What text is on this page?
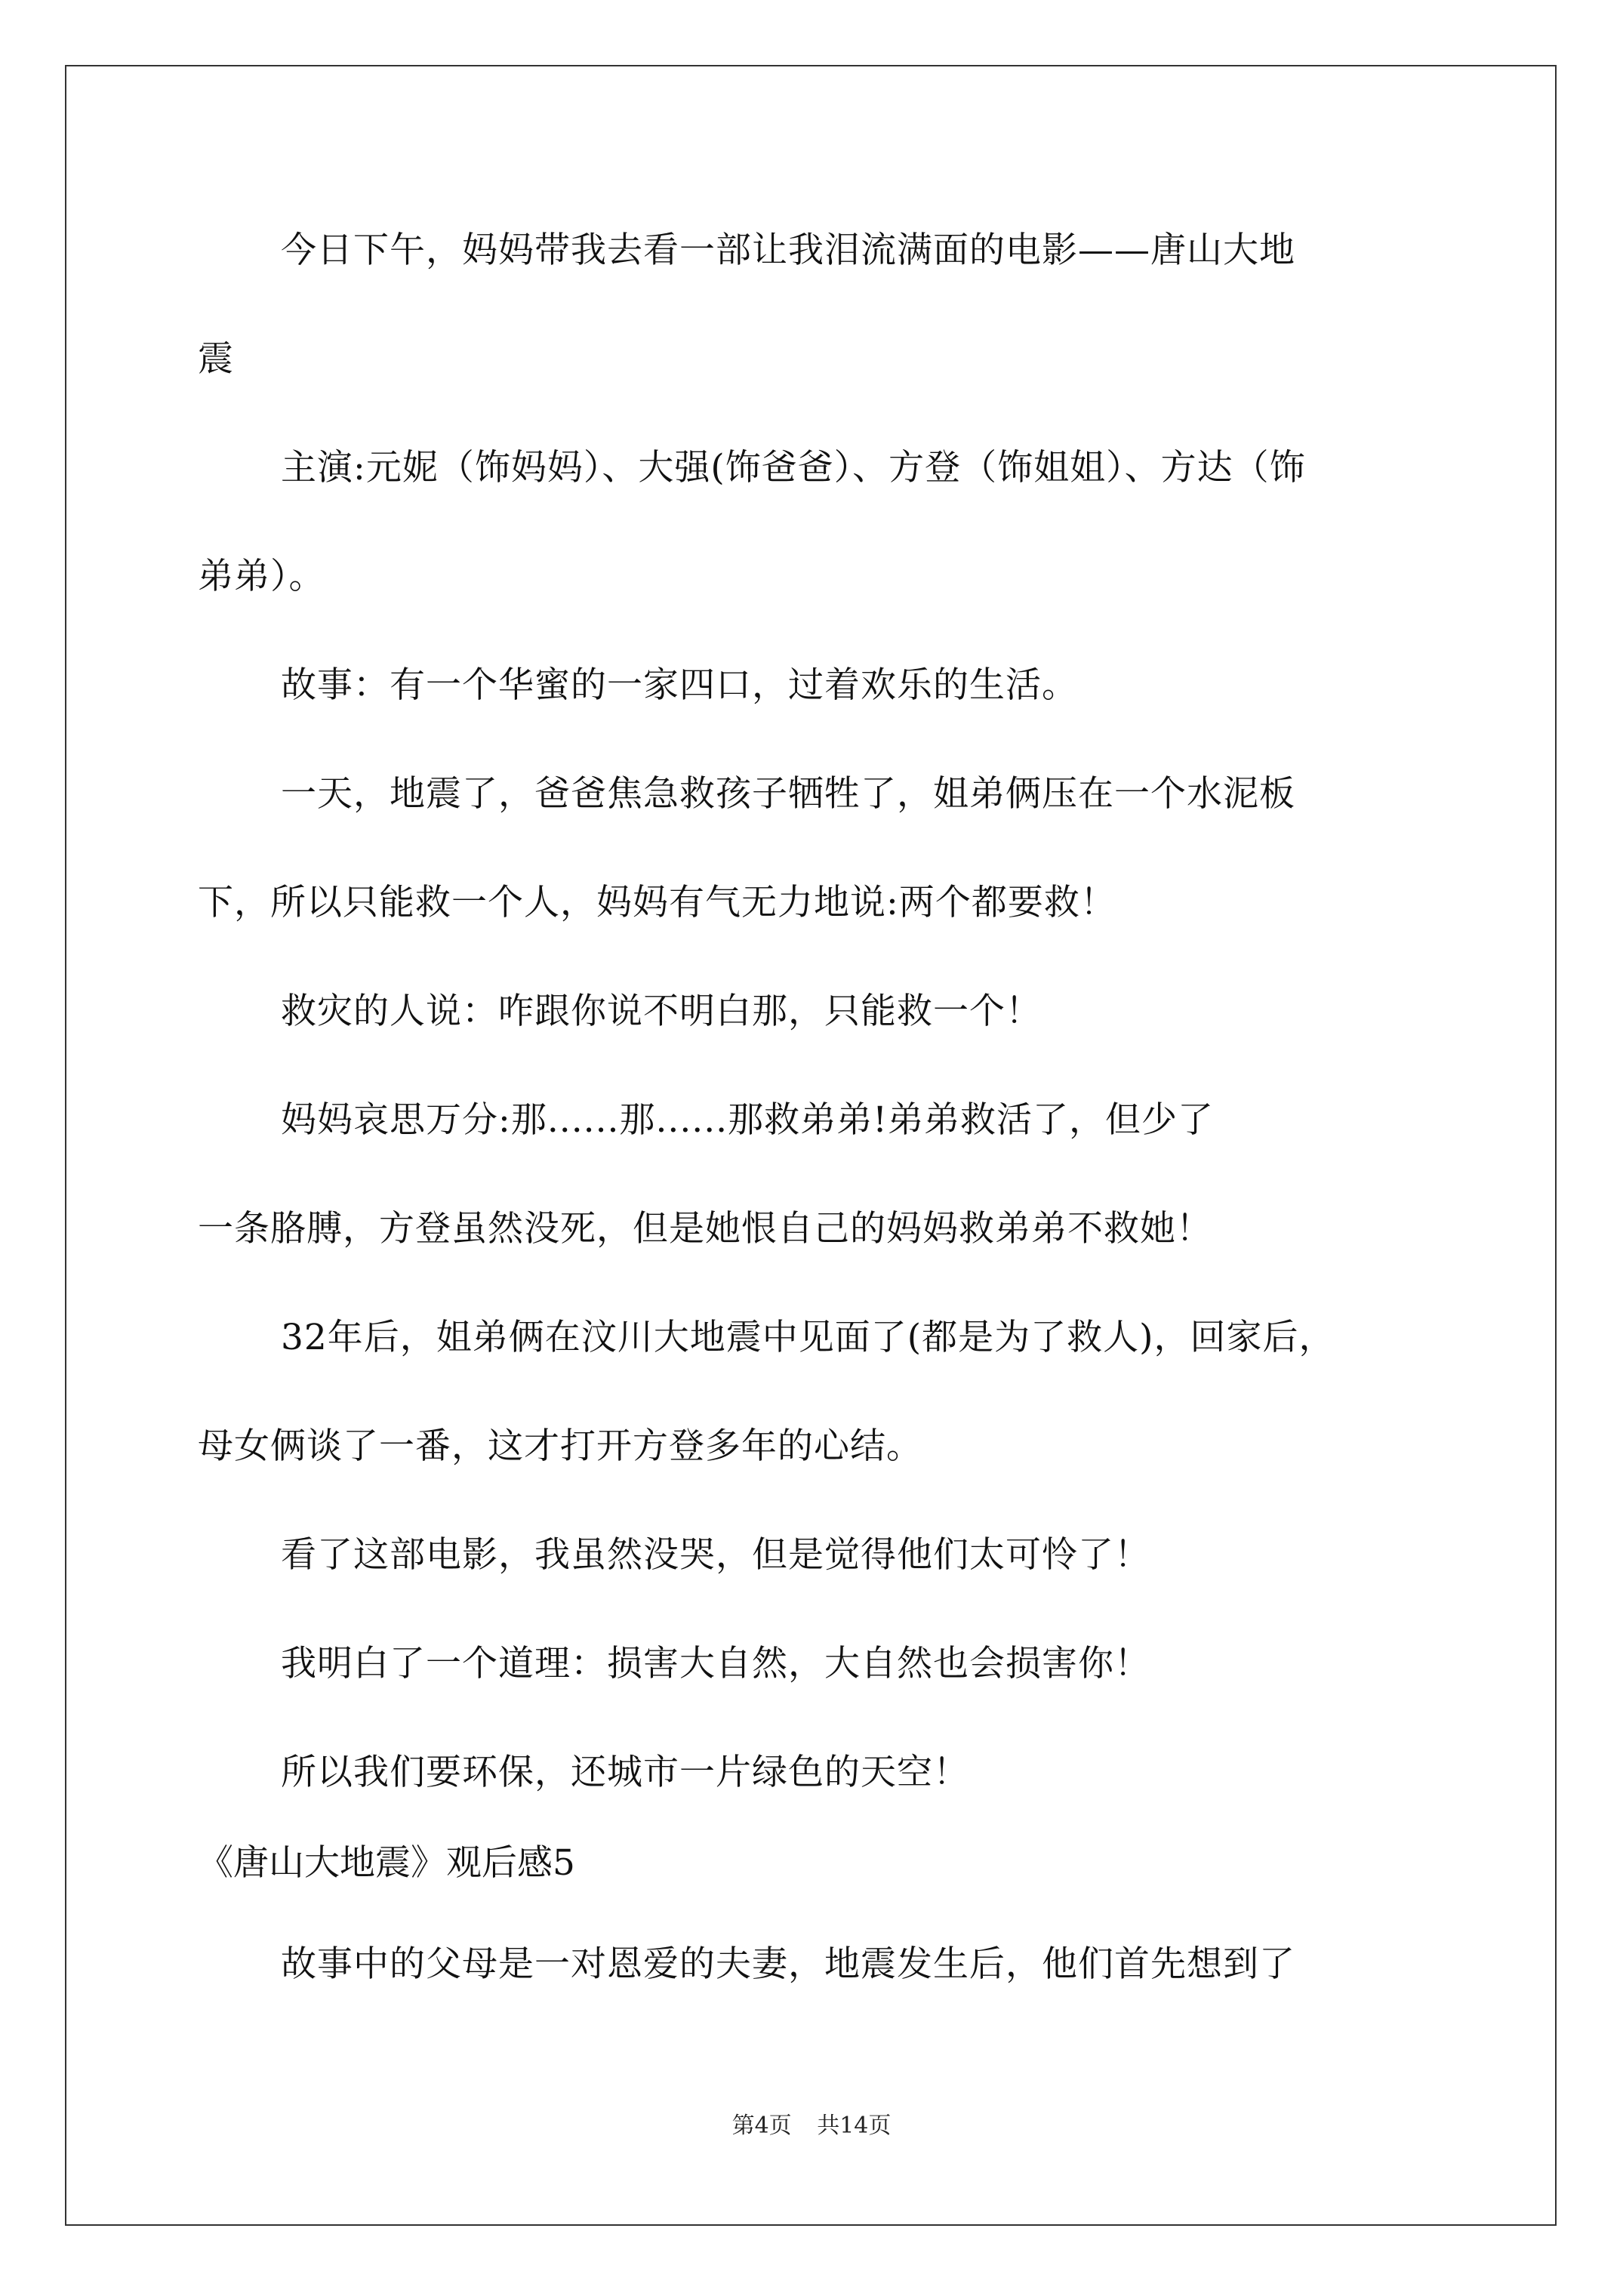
今日下午，妈妈带我去看一部让我泪流满面的电影——唐山大地
震
主演:元妮（饰妈妈）、大强(饰爸爸）、方登（饰姐姐）、方达（饰
弟弟）。
故事：有一个华蜜的一家四口，过着欢乐的生活。
一天，地震了，爸爸焦急救孩子牺牲了，姐弟俩压在一个水泥板
下，所以只能救一个人，妈妈有气无力地说:两个都要救！
救灾的人说：咋跟你说不明白那，只能救一个！
妈妈哀思万分:那......那......那救弟弟!弟弟救活了，但少了
一条胳膊，方登虽然没死，但是她恨自己的妈妈救弟弟不救她！
32年后，姐弟俩在汶川大地震中见面了(都是为了救人)，回家后，
母女俩谈了一番，这才打开方登多年的心结。
看了这部电影，我虽然没哭，但是觉得他们太可怜了！
我明白了一个道理：损害大自然，大自然也会损害你！
所以我们要环保，还城市一片绿色的天空！
《唐山大地震》观后感5
故事中的父母是一对恩爱的夫妻，地震发生后，他们首先想到了
第4页 共14页
